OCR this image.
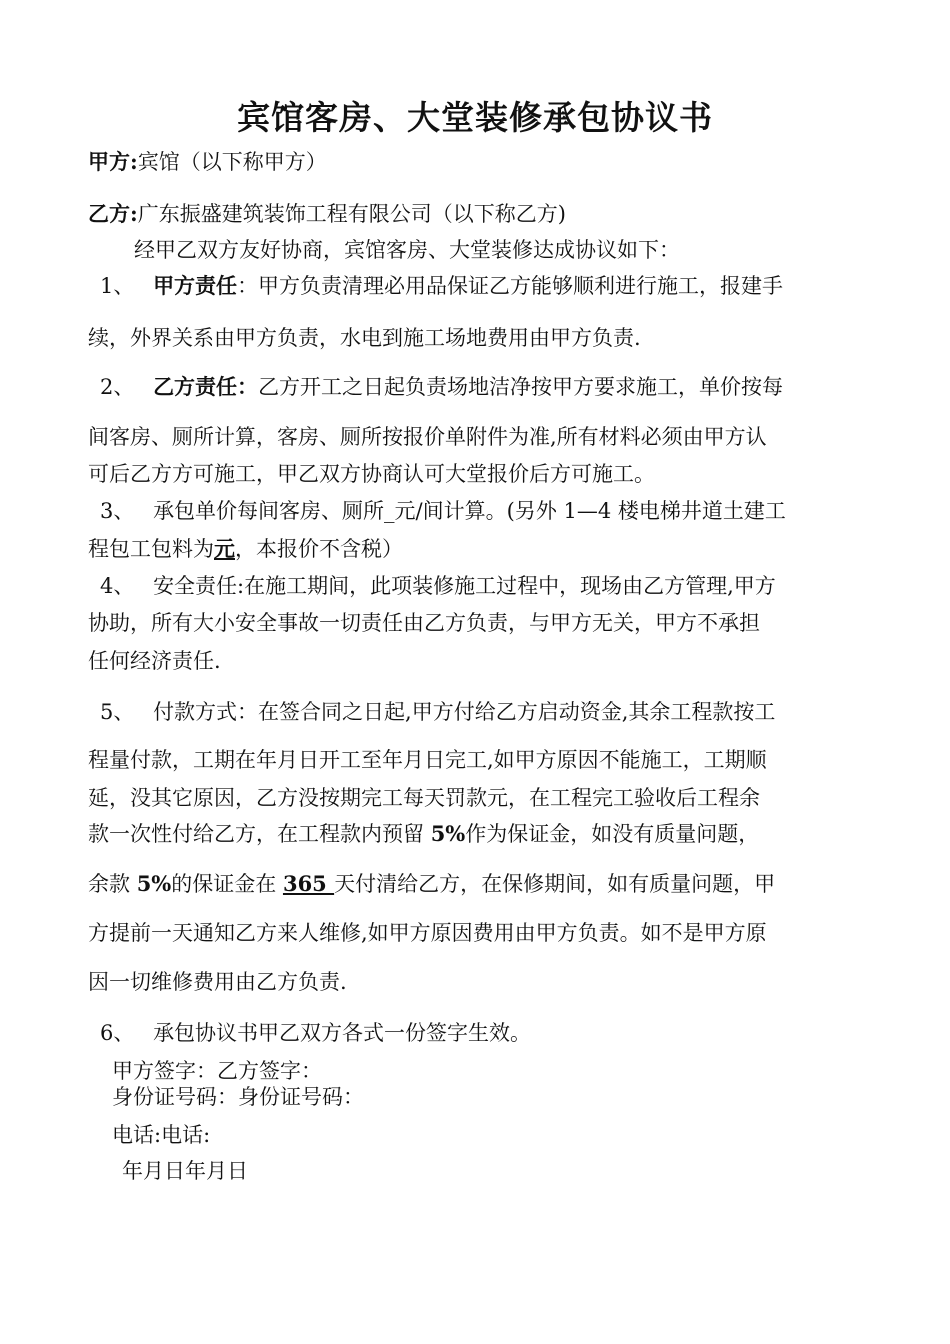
宾馆客房、大堂装修承包协议书
甲方:宾馆（以下称甲方）
乙方:广东振盛建筑装饰工程有限公司（以下称乙方)
经甲乙双方友好协商，宾馆客房、大堂装修达成协议如下：
1、 甲方责任：甲方负责清理必用品保证乙方能够顺利进行施工，报建手
续，外界关系由甲方负责，水电到施工场地费用由甲方负责.
2、 乙方责任：乙方开工之日起负责场地洁净按甲方要求施工，单价按每
间客房、厕所计算，客房、厕所按报价单附件为准,所有材料必须由甲方认
可后乙方方可施工，甲乙双方协商认可大堂报价后方可施工。
3、 承包单价每间客房、厕所_元/间计算。(另外 1—4 楼电梯井道土建工
程包工包料为元，本报价不含税）
4、 安全责任:在施工期间，此项装修施工过程中，现场由乙方管理,甲方
协助，所有大小安全事故一切责任由乙方负责，与甲方无关，甲方不承担
任何经济责任.
5、 付款方式：在签合同之日起,甲方付给乙方启动资金,其余工程款按工
程量付款，工期在年月日开工至年月日完工,如甲方原因不能施工，工期顺
延，没其它原因，乙方没按期完工每天罚款元，在工程完工验收后工程余
款一次性付给乙方，在工程款内预留 5%作为保证金，如没有质量问题，
余款 5%的保证金在 365 天付清给乙方，在保修期间，如有质量问题，甲
方提前一天通知乙方来人维修,如甲方原因费用由甲方负责。如不是甲方原
因一切维修费用由乙方负责.
6、 承包协议书甲乙双方各式一份签字生效。
甲方签字：乙方签字：
身份证号码：身份证号码：
电话:电话:
年月日年月日
